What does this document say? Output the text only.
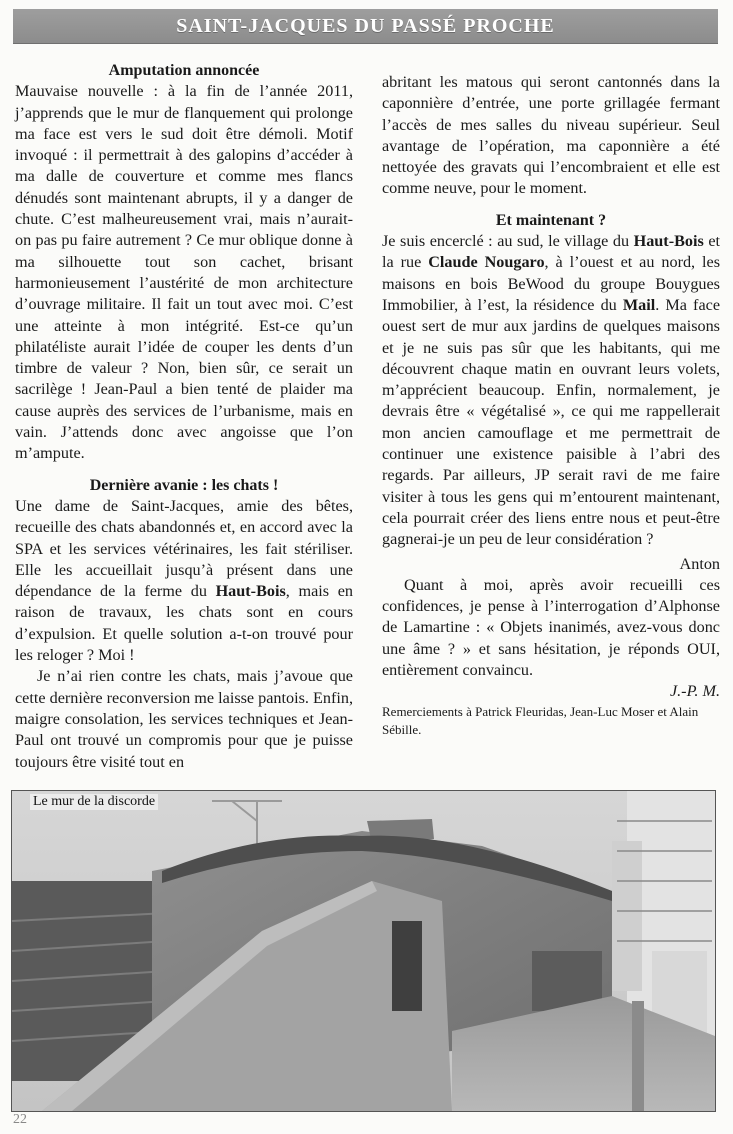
SAINT-JACQUES DU PASSÉ PROCHE

Amputation annoncée

Mauvaise nouvelle : à la fin de l’année 2011, j’apprends que le mur de flanquement qui prolonge ma face est vers le sud doit être démoli. Motif invoqué : il permettrait à des galopins d’accéder à ma dalle de couverture et comme mes flancs dénudés sont maintenant abrupts, il y a danger de chute. C’est malheureusement vrai, mais n’aurait-on pas pu faire autrement ? Ce mur oblique donne à ma silhouette tout son cachet, brisant harmonieusement l’austérité de mon architecture d’ouvrage militaire. Il fait un tout avec moi. C’est une atteinte à mon intégrité. Est-ce qu’un philatéliste aurait l’idée de couper les dents d’un timbre de valeur ? Non, bien sûr, ce serait un sacrilège ! Jean-Paul a bien tenté de plaider ma cause auprès des services de l’urbanisme, mais en vain. J’attends donc avec angoisse que l’on m’ampute.

Dernière avanie : les chats !

Une dame de Saint-Jacques, amie des bêtes, recueille des chats abandonnés et, en accord avec la SPA et les services vétérinaires, les fait stériliser. Elle les accueillait jusqu’à présent dans une dépendance de la ferme du Haut-Bois, mais en raison de travaux, les chats sont en cours d’expulsion. Et quelle solution a-t-on trouvé pour les reloger ? Moi !

Je n’ai rien contre les chats, mais j’avoue que cette dernière reconversion me laisse pantois. Enfin, maigre consolation, les services techniques et Jean-Paul ont trouvé un compromis pour que je puisse toujours être visité tout en

abritant les matous qui seront cantonnés dans la caponnière d’entrée, une porte grillagée fermant l’accès de mes salles du niveau supérieur. Seul avantage de l’opération, ma caponnière a été nettoyée des gravats qui l’encombraient et elle est comme neuve, pour le moment.

Et maintenant ?

Je suis encerclé : au sud, le village du Haut-Bois et la rue Claude Nougaro, à l’ouest et au nord, les maisons en bois BeWood du groupe Bouygues Immobilier, à l’est, la résidence du Mail. Ma face ouest sert de mur aux jardins de quelques maisons et je ne suis pas sûr que les habitants, qui me découvrent chaque matin en ouvrant leurs volets, m’apprécient beaucoup. Enfin, normalement, je devrais être « végétalisé », ce qui me rappellerait mon ancien camouflage et me permettrait de continuer une existence paisible à l’abri des regards. Par ailleurs, JP serait ravi de me faire visiter à tous les gens qui m’entourent maintenant, cela pourrait créer des liens entre nous et peut-être gagnerai-je un peu de leur considération ?

Anton

Quant à moi, après avoir recueilli ces confidences, je pense à l’interrogation d’Alphonse de Lamartine : « Objets inanimés, avez-vous donc une âme ? » et sans hésitation, je réponds OUI, entièrement convaincu.

J.-P. M.

Remerciements à Patrick Fleuridas, Jean-Luc Moser et Alain Sébille.

Le mur de la discorde
22
